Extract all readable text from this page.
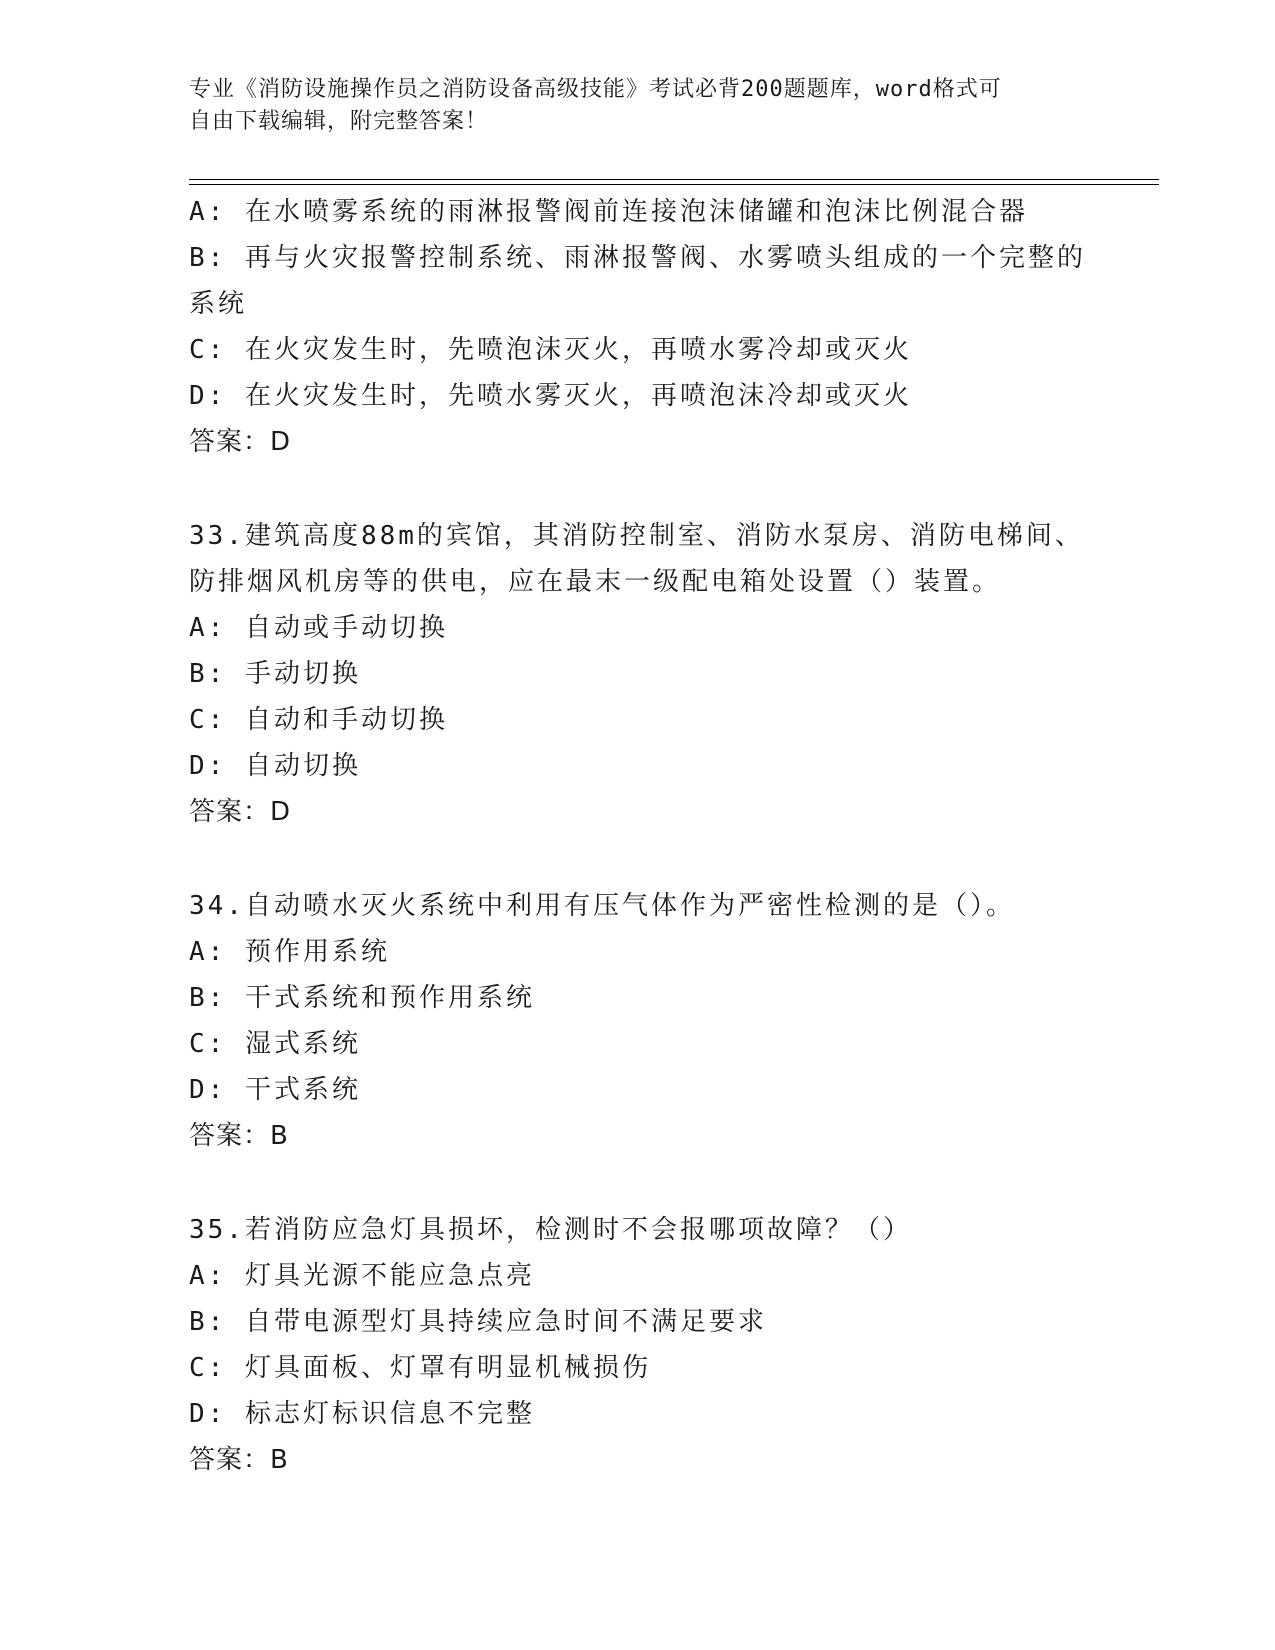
专业《消防设施操作员之消防设备高级技能》考试必背200题题库，word格式可
自由下载编辑，附完整答案！
A: 在水喷雾系统的雨淋报警阀前连接泡沫储罐和泡沫比例混合器
B: 再与火灾报警控制系统、雨淋报警阀、水雾喷头组成的一个完整的
系统
C: 在火灾发生时，先喷泡沫灭火，再喷水雾冷却或灭火
D: 在火灾发生时，先喷水雾灭火，再喷泡沫冷却或灭火
答案：D
33.建筑高度88m的宾馆，其消防控制室、消防水泵房、消防电梯间、
防排烟风机房等的供电，应在最末一级配电箱处设置（）装置。
A: 自动或手动切换
B: 手动切换
C: 自动和手动切换
D: 自动切换
答案：D
34.自动喷水灭火系统中利用有压气体作为严密性检测的是（）。
A: 预作用系统
B: 干式系统和预作用系统
C: 湿式系统
D: 干式系统
答案：B
35.若消防应急灯具损坏，检测时不会报哪项故障？（）
A: 灯具光源不能应急点亮
B: 自带电源型灯具持续应急时间不满足要求
C: 灯具面板、灯罩有明显机械损伤
D: 标志灯标识信息不完整
答案：B
